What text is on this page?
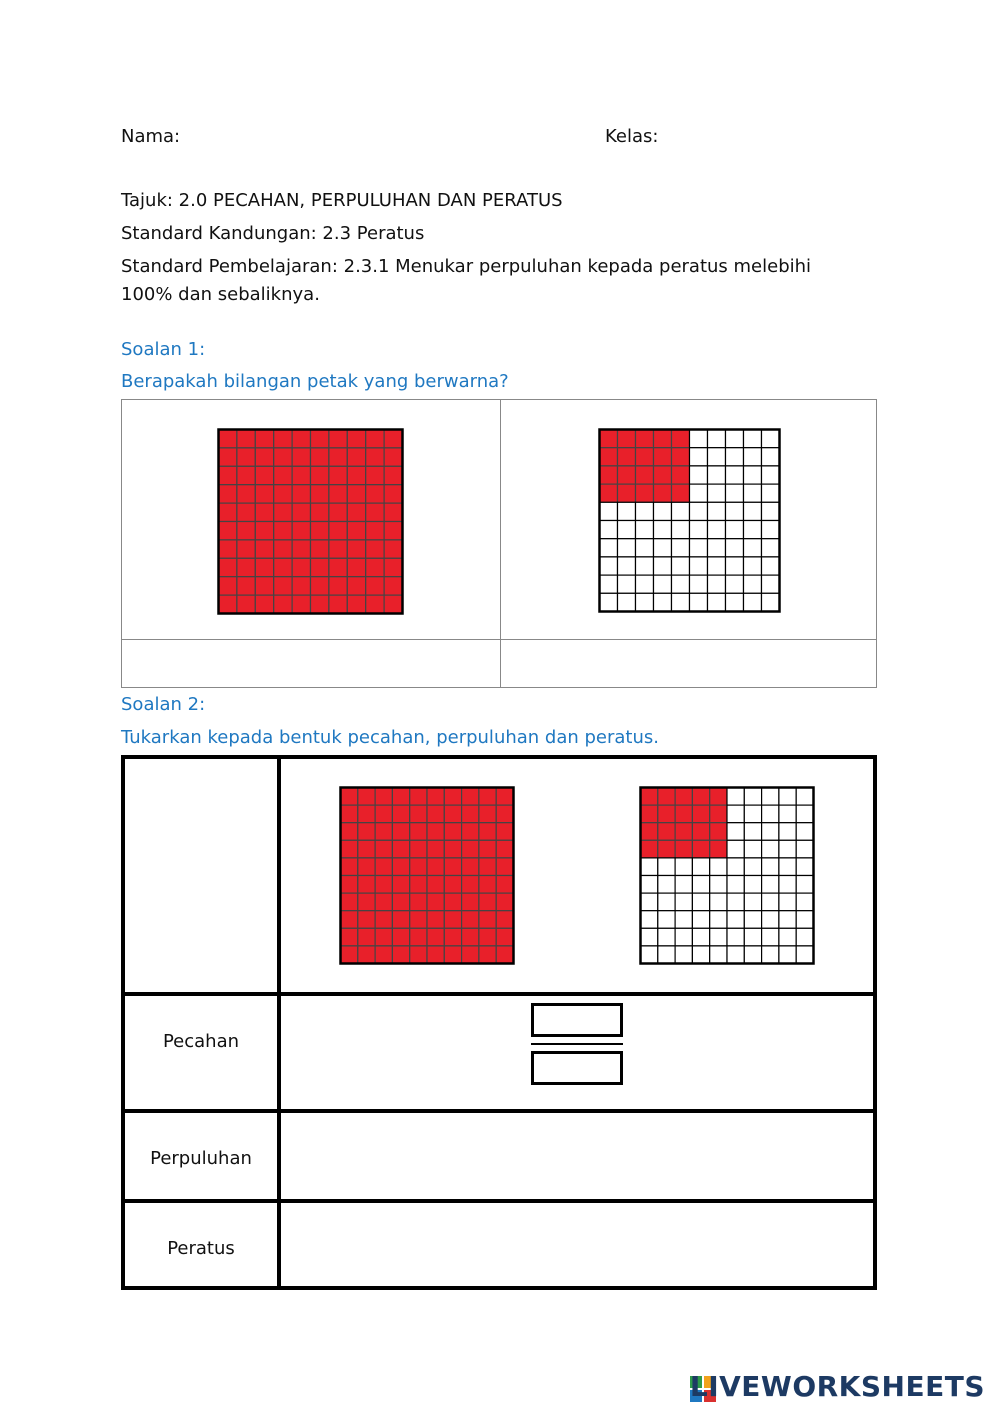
Nama:	Kelas:
Tajuk: 2.0 PECAHAN, PERPULUHAN DAN PERATUS
Standard Kandungan: 2.3 Peratus
Standard Pembelajaran: 2.3.1 Menukar perpuluhan kepada peratus melebihi
100% dan sebaliknya.
Soalan 1:
Berapakah bilangan petak yang berwarna?
Soalan 2:
Tukarkan kepada bentuk pecahan, perpuluhan dan peratus.
Pecahan
Perpuluhan
Peratus
LIVEWORKSHEETS
